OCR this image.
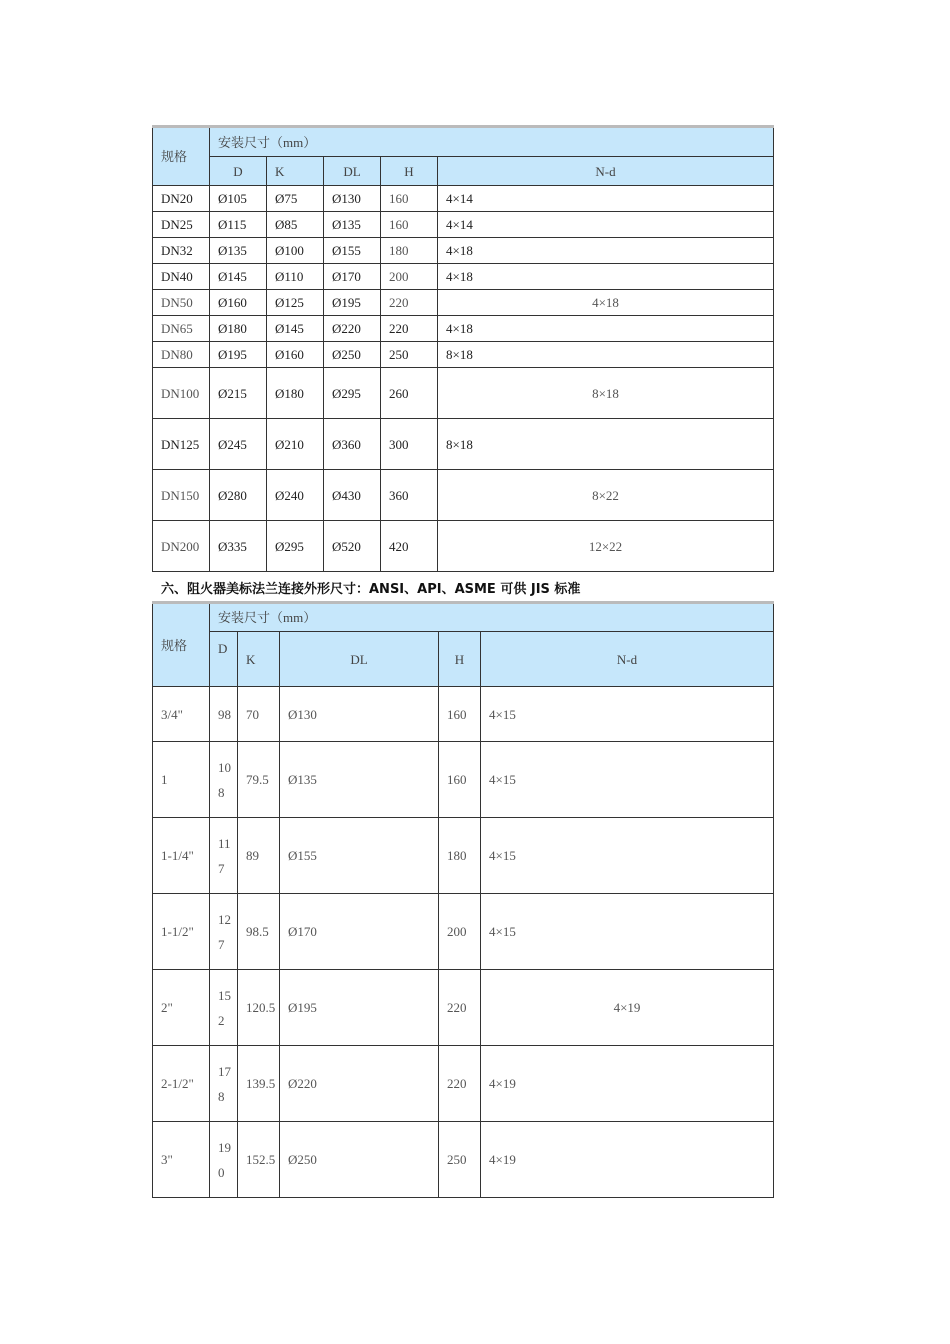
规格	安装尺寸（mm）				
	D	K	DL	H	N-d
DN20	Ø105	Ø75	Ø130	160	4×14
DN25	Ø115	Ø85	Ø135	160	4×14
DN32	Ø135	Ø100	Ø155	180	4×18
DN40	Ø145	Ø110	Ø170	200	4×18
DN50	Ø160	Ø125	Ø195	220	4×18
DN65	Ø180	Ø145	Ø220	220	4×18
DN80	Ø195	Ø160	Ø250	250	8×18
DN100	Ø215	Ø180	Ø295	260	8×18
DN125	Ø245	Ø210	Ø360	300	8×18
DN150	Ø280	Ø240	Ø430	360	8×22
DN200	Ø335	Ø295	Ø520	420	12×22
六、阻火器美标法兰连接外形尺寸：ANSI、API、ASME 可供 JIS 标准
规格	安装尺寸（mm）				
	D	K	DL	H	N-d
3/4"	98	70	Ø130	160	4×15
1	108	79.5	Ø135	160	4×15
1-1/4"	117	89	Ø155	180	4×15
1-1/2"	127	98.5	Ø170	200	4×15
2"	152	120.5	Ø195	220	4×19
2-1/2"	178	139.5	Ø220	220	4×19
3"	190	152.5	Ø250	250	4×19
